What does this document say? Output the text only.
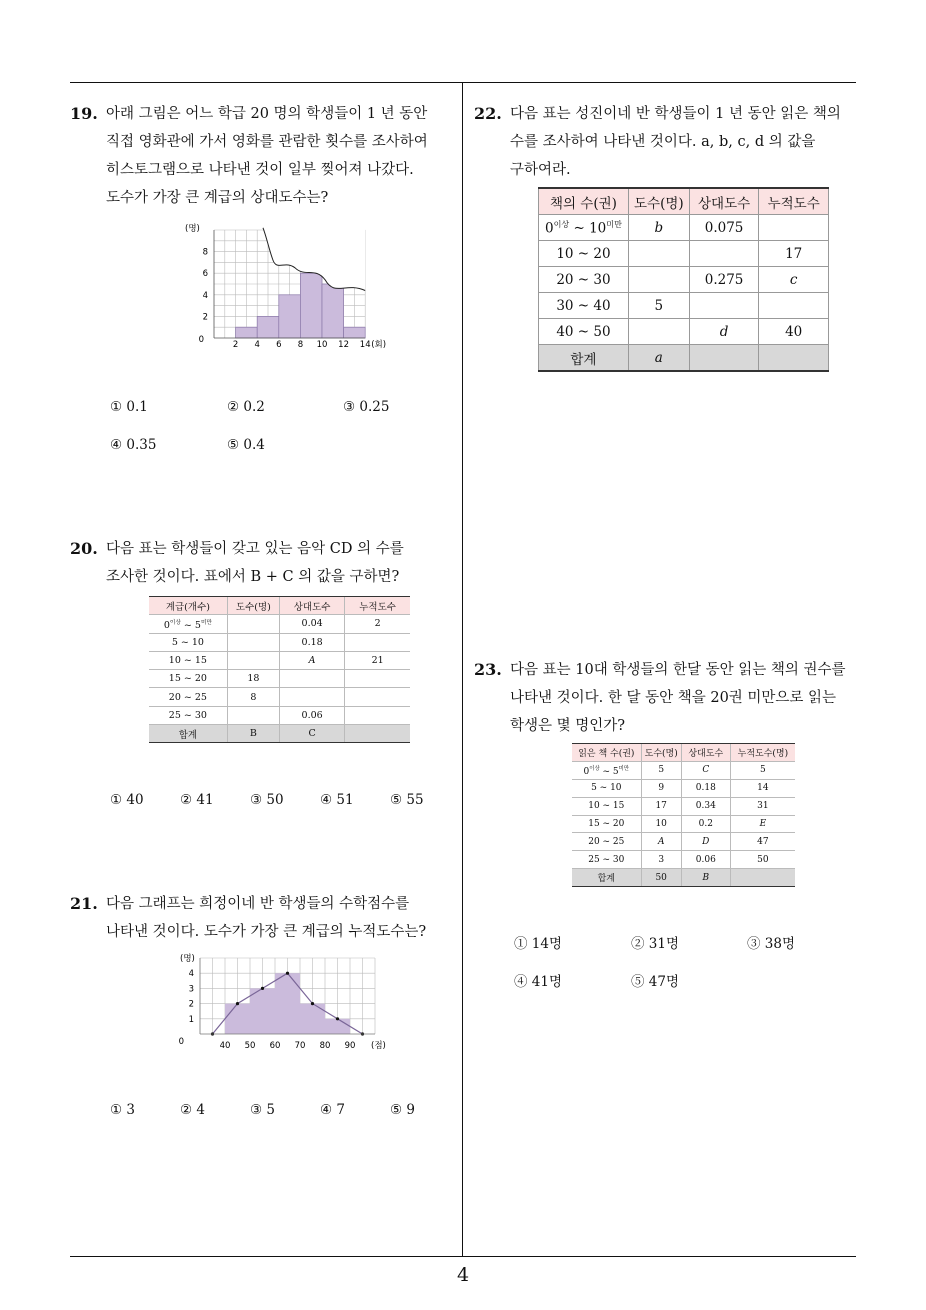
4
19. 아래 그림은 어느 학급 20 명의 학생들이 1 년 동안
직접 영화관에 가서 영화를 관람한 횟수를 조사하여
히스토그램으로 나타낸 것이 일부 찢어져 나갔다.
도수가 가장 큰 계급의 상대도수는?
0
2
4
6
8
2 4 6 8 10 12 14
(명)
(회)
① 0.1	② 0.2	③ 0.25
④ 0.35	⑤ 0.4
20. 다음 표는 학생들이 갖고 있는 음악 CD 의 수를
조사한 것이다. 표에서 B + C 의 값을 구하면?
계급(개수)	도수(명)	상대도수	누적도수
$0^{이상}$ ~ $5^{미만}$		0.04	2
5 ~ 10		0.18	
10 ~ 15		A	21
15 ~ 20	18		
20 ~ 25	8		
25 ~ 30		0.06	
합계	B	C	
① 40	② 41	③ 50	④ 51	⑤ 55
21. 다음 그래프는 희정이네 반 학생들의 수학점수를
나타낸 것이다. 도수가 가장 큰 계급의 누적도수는?
0
1
2
3
4
40 50 60 70 80 90
(명)
(점)
① 3	② 4	③ 5	④ 7	⑤ 9
22. 다음 표는 성진이네 반 학생들이 1 년 동안 읽은 책의
수를 조사하여 나타낸 것이다. a, b, c, d 의 값을
구하여라.
책의 수(권)	도수(명)	상대도수	누적도수
$0^{이상}$ ~ $10^{미만}$	b	0.075	
10 ~ 20			17
20 ~ 30		0.275	c
30 ~ 40	5		
40 ~ 50		d	40
합계	a		
23. 다음 표는 10대 학생들의 한달 동안 읽는 책의 권수를
나타낸 것이다. 한 달 동안 책을 20권 미만으로 읽는
학생은 몇 명인가?
읽은 책 수(권)	도수(명)	상대도수	누적도수(명)
$0^{이상}$ ~ $5^{미만}$	5	C	5
5 ~ 10	9	0.18	14
10 ~ 15	17	0.34	31
15 ~ 20	10	0.2	E
20 ~ 25	A	D	47
25 ~ 30	3	0.06	50
합계	50	B	
① 14명	② 31명	③ 38명
④ 41명	⑤ 47명
